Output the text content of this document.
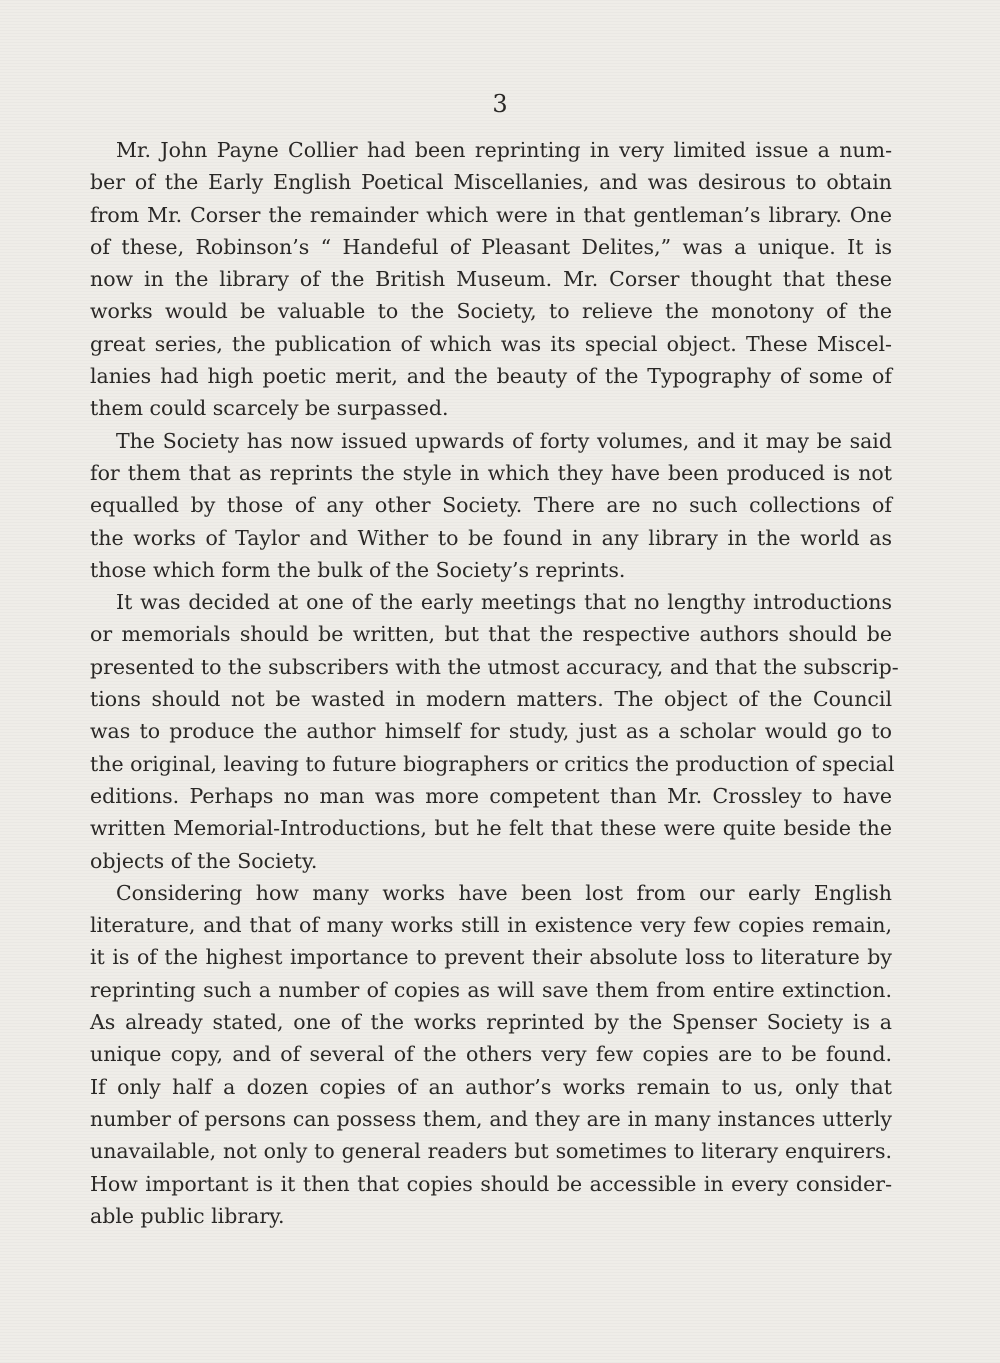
3
Mr. John Payne Collier had been reprinting in very limited issue a num-
ber of the Early English Poetical Miscellanies, and was desirous to obtain
from Mr. Corser the remainder which were in that gentleman’s library. One
of these, Robinson’s “ Handeful of Pleasant Delites,” was a unique. It is
now in the library of the British Museum. Mr. Corser thought that these
works would be valuable to the Society, to relieve the monotony of the
great series, the publication of which was its special object. These Miscel-
lanies had high poetic merit, and the beauty of the Typography of some of
them could scarcely be surpassed.
The Society has now issued upwards of forty volumes, and it may be said
for them that as reprints the style in which they have been produced is not
equalled by those of any other Society. There are no such collections of
the works of Taylor and Wither to be found in any library in the world as
those which form the bulk of the Society’s reprints.
It was decided at one of the early meetings that no lengthy introductions
or memorials should be written, but that the respective authors should be
presented to the subscribers with the utmost accuracy, and that the subscrip-
tions should not be wasted in modern matters. The object of the Council
was to produce the author himself for study, just as a scholar would go to
the original, leaving to future biographers or critics the production of special
editions. Perhaps no man was more competent than Mr. Crossley to have
written Memorial-Introductions, but he felt that these were quite beside the
objects of the Society.
Considering how many works have been lost from our early English
literature, and that of many works still in existence very few copies remain,
it is of the highest importance to prevent their absolute loss to literature by
reprinting such a number of copies as will save them from entire extinction.
As already stated, one of the works reprinted by the Spenser Society is a
unique copy, and of several of the others very few copies are to be found.
If only half a dozen copies of an author’s works remain to us, only that
number of persons can possess them, and they are in many instances utterly
unavailable, not only to general readers but sometimes to literary enquirers.
How important is it then that copies should be accessible in every consider-
able public library.
